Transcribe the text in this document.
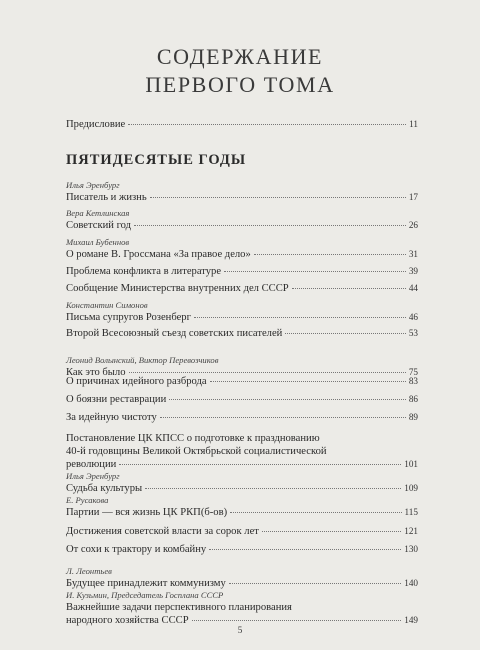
СОДЕРЖАНИЕ
ПЕРВОГО ТОМА
Предисловие	11
ПЯТИДЕСЯТЫЕ ГОДЫ
Илья Эренбург
Писатель и жизнь	17
Вера Кетлинская
Советский год	26
Михаил Бубеннов
О романе В. Гроссмана «За правое дело»	31
Проблема конфликта в литературе	39
Сообщение Министерства внутренних дел СССР	44
Константин Симонов
Письма супругов Розенберг	46
Второй Всесоюзный съезд советских писателей	53
Леонид Волынский, Виктор Перевозчиков
Как это было	75
О причинах идейного разброда	83
О боязни реставрации	86
За идейную чистоту	89
Постановление ЦК КПСС о подготовке к празднованию
40-й годовщины Великой Октябрьской социалистической
революции	101
Илья Эренбург
Судьба культуры	109
Е. Русакова
Партии — вся жизнь ЦК РКП(б-ов)	115
Достижения советской власти за сорок лет	121
От сохи к трактору и комбайну	130
Л. Леонтьев
Будущее принадлежит коммунизму	140
И. Кузьмин, Председатель Госплана СССР
Важнейшие задачи перспективного планирования
народного хозяйства СССР	149
5
